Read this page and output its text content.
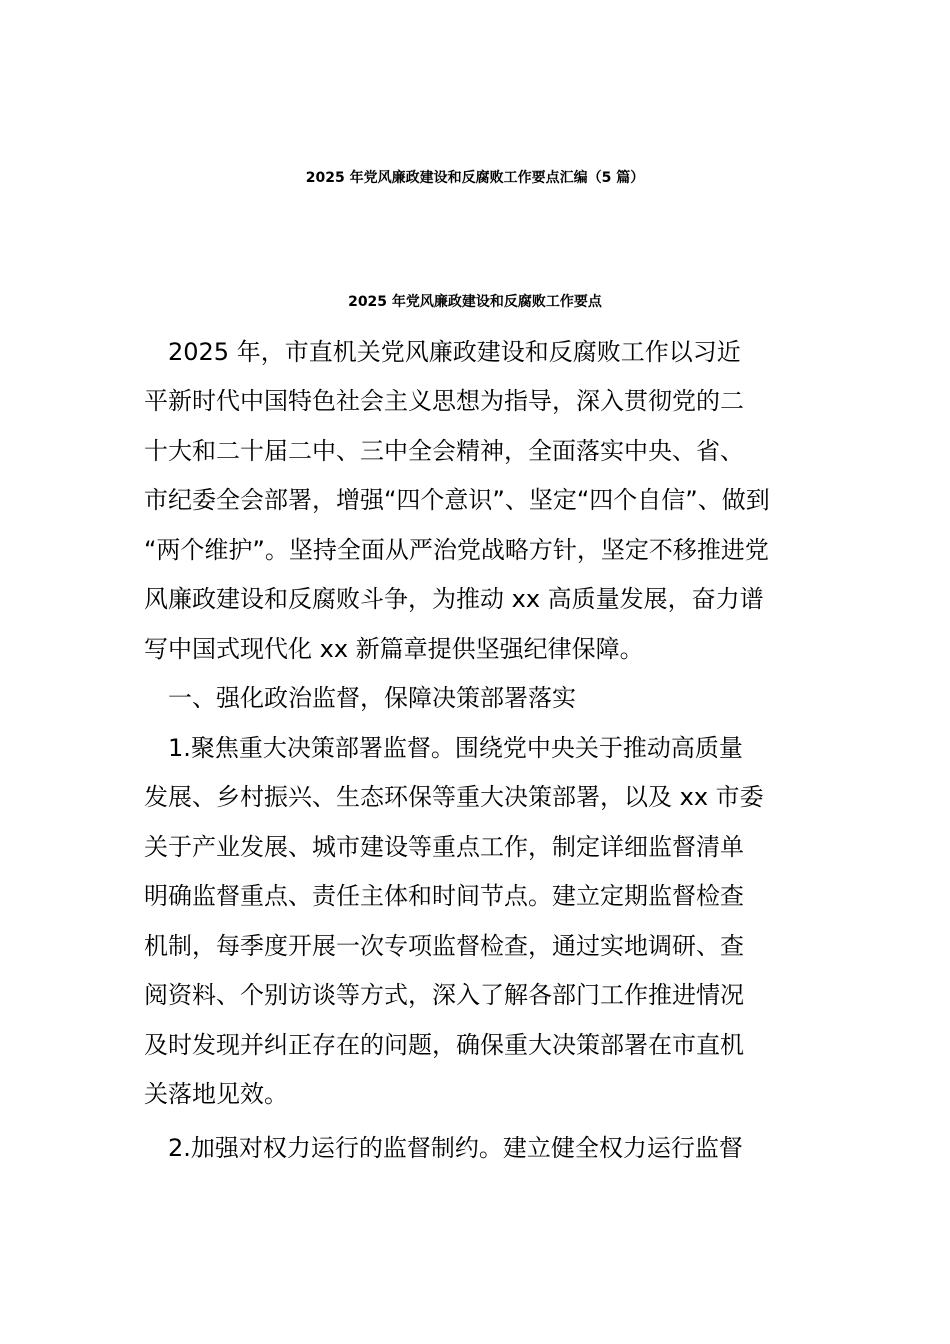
2025 年党风廉政建设和反腐败工作要点汇编（5 篇）
2025 年党风廉政建设和反腐败工作要点
　2025 年，市直机关党风廉政建设和反腐败工作以习近
平新时代中国特色社会主义思想为指导，深入贯彻党的二
十大和二十届二中、三中全会精神，全面落实中央、省、
市纪委全会部署，增强“四个意识”、坚定“四个自信”、做到
“两个维护”。坚持全面从严治党战略方针，坚定不移推进党
风廉政建设和反腐败斗争，为推动 xx 高质量发展，奋力谱
写中国式现代化 xx 新篇章提供坚强纪律保障。
　一、强化政治监督，保障决策部署落实
　1.聚焦重大决策部署监督。围绕党中央关于推动高质量
发展、乡村振兴、生态环保等重大决策部署，以及 xx 市委
关于产业发展、城市建设等重点工作，制定详细监督清单
明确监督重点、责任主体和时间节点。建立定期监督检查
机制，每季度开展一次专项监督检查，通过实地调研、查
阅资料、个别访谈等方式，深入了解各部门工作推进情况
及时发现并纠正存在的问题，确保重大决策部署在市直机
关落地见效。
　2.加强对权力运行的监督制约。建立健全权力运行监督
